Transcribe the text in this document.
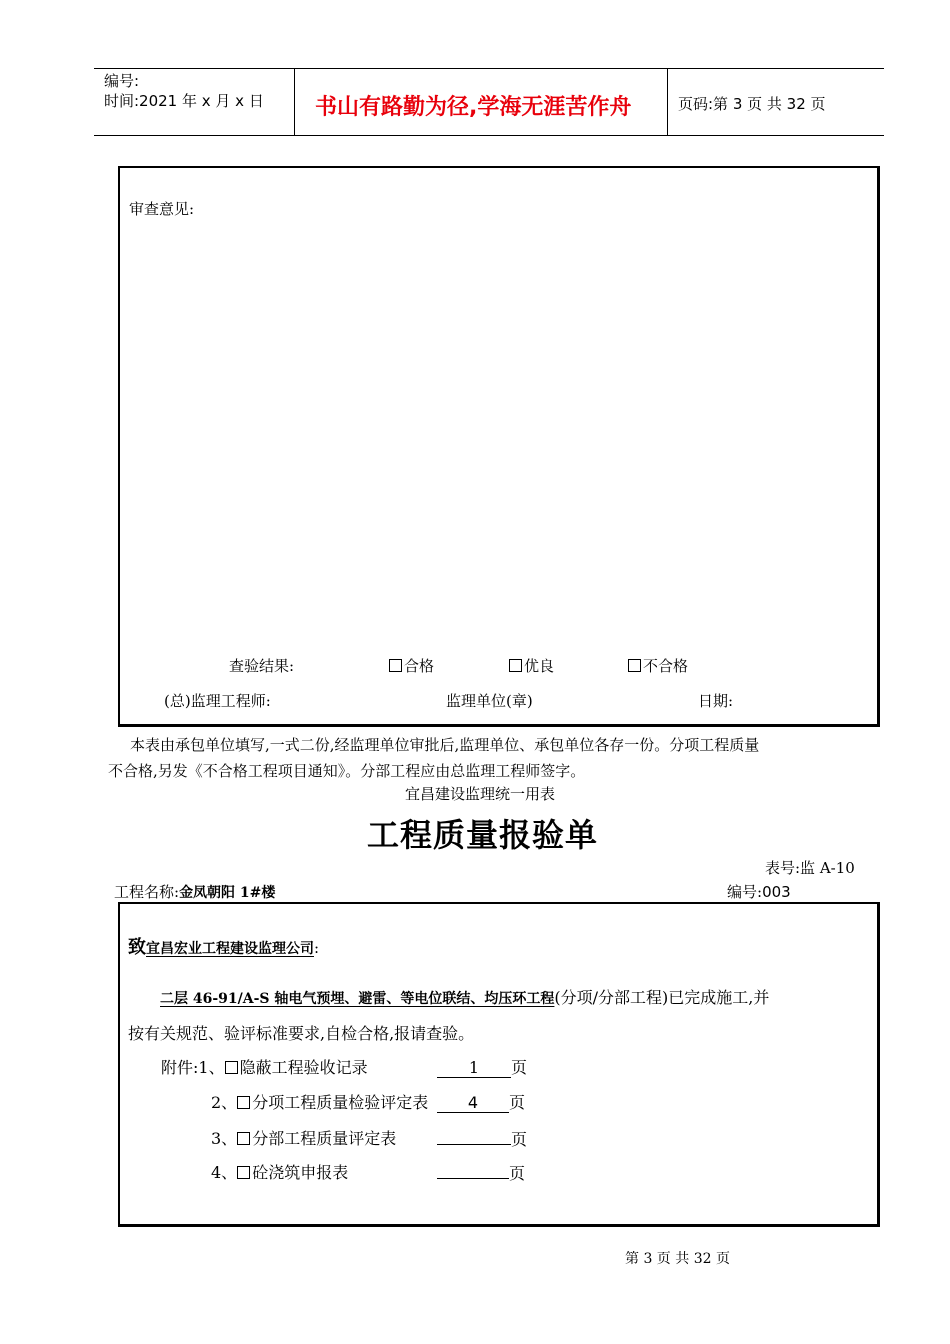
编号:
时间:2021 年 x 月 x 日 书山有路勤为径,学海无涯苦作舟	页码:第 3 页 共 32 页
审查意见:
查验结果:	合格	优良	不合格
(总)监理工程师:	监理单位(章)	日期:
本表由承包单位填写,一式二份,经监理单位审批后,监理单位、承包单位各存一份。分项工程质量
不合格,另发《不合格工程项目通知》。分部工程应由总监理工程师签字。
宜昌建设监理统一用表
工程质量报验单
表号:监 A-10
工程名称:金凤朝阳 1#楼	编号:003
致宜昌宏业工程建设监理公司:
二层 46-91/A-S 轴电气预埋、避雷、等电位联结、均压环工程(分项/分部工程)已完成施工,并
按有关规范、验评标准要求,自检合格,报请查验。
附件:1、 隐蔽工程验收记录	1 页
2、 分项工程质量检验评定表	4 页
3、 分部工程质量评定表	页
4、 砼浇筑申报表	页
第 3 页 共 32 页
